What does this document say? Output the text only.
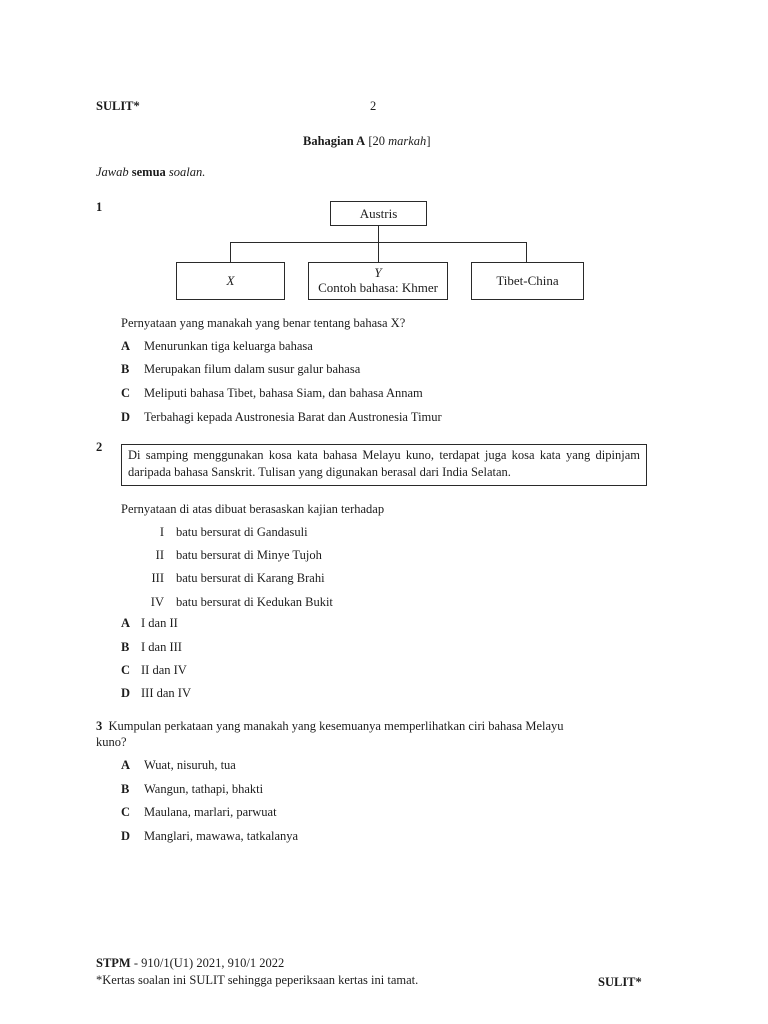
SULIT*	2
Bahagian A [20 markah]
Jawab semua soalan.
1	Austris
X
Y
Contoh bahasa: Khmer	Tibet-China
Pernyataan yang manakah yang benar tentang bahasa X?
A Menurunkan tiga keluarga bahasa
B Merupakan filum dalam susur galur bahasa
C Meliputi bahasa Tibet, bahasa Siam, dan bahasa Annam
D Terbahagi kepada Austronesia Barat dan Austronesia Timur
2
Di samping menggunakan kosa kata bahasa Melayu kuno, terdapat juga kosa kata yang dipinjam daripada bahasa Sanskrit. Tulisan yang digunakan berasal dari India Selatan.
Pernyataan di atas dibuat berasaskan kajian terhadap
I batu bersurat di Gandasuli
II batu bersurat di Minye Tujoh
III batu bersurat di Karang Brahi
IV batu bersurat di Kedukan Bukit
A I dan II
B I dan III
C II dan IV
D III dan IV
3 Kumpulan perkataan yang manakah yang kesemuanya memperlihatkan ciri bahasa Melayu
kuno?
A Wuat, nisuruh, tua
B Wangun, tathapi, bhakti
C Maulana, marlari, parwuat
D Manglari, mawawa, tatkalanya
STPM - 910/1(U1) 2021, 910/1 2022
*Kertas soalan ini SULIT sehingga peperiksaan kertas ini tamat.	SULIT*
